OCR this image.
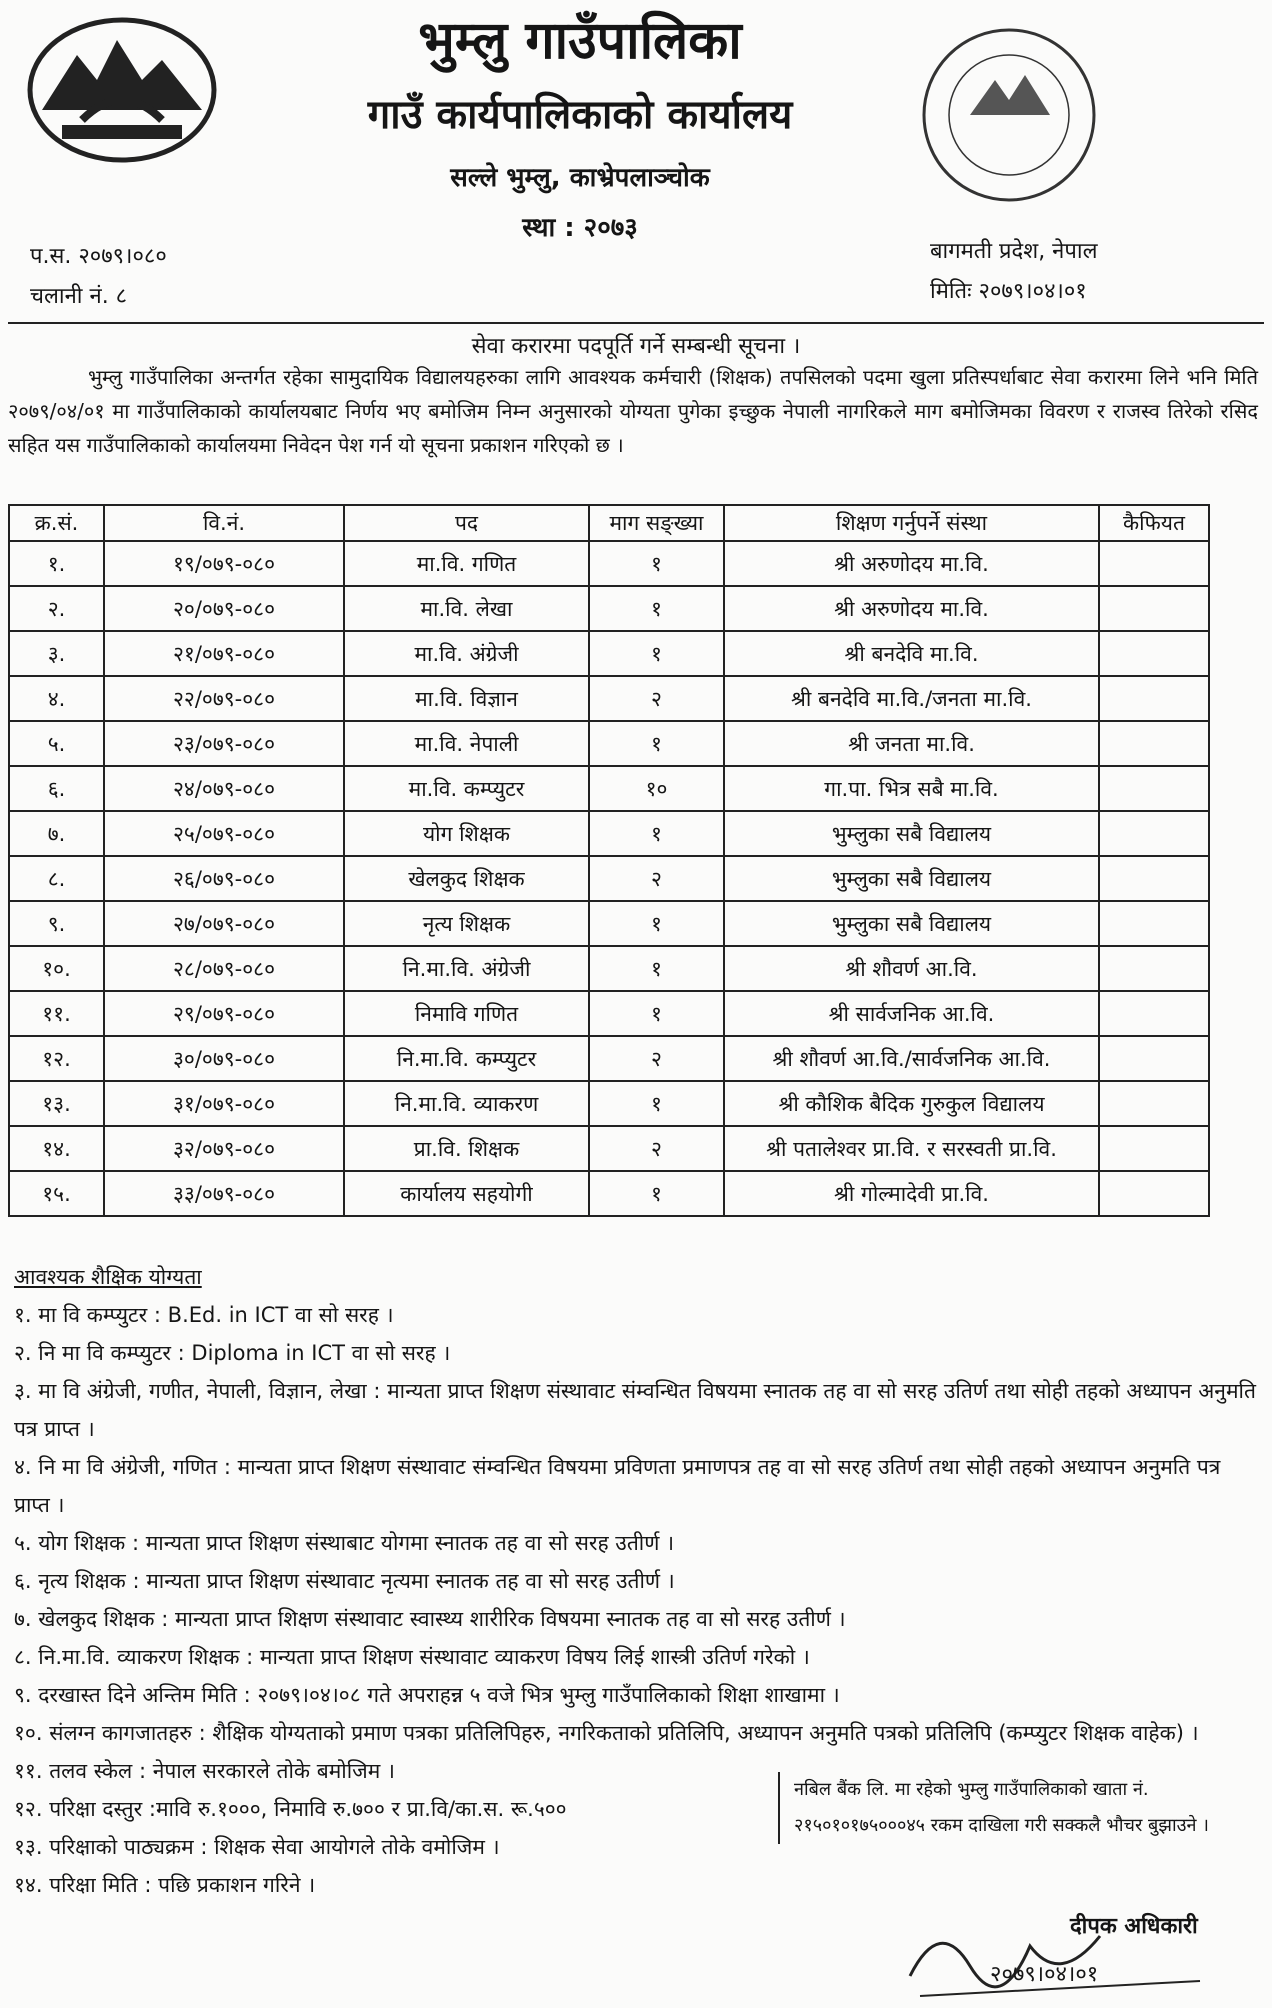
भुम्लु गाउँपालिका
गाउँ कार्यपालिकाको कार्यालय
सल्ले भुम्लु, काभ्रेपलाञ्चोक
स्था : २०७३
प.स. २०७९।०८०
चलानी नं. ८
बागमती प्रदेश, नेपाल
मितिः २०७९।०४।०१
सेवा करारमा पदपूर्ति गर्ने सम्बन्धी सूचना ।
भुम्लु गाउँपालिका अन्तर्गत रहेका सामुदायिक विद्यालयहरुका लागि आवश्यक कर्मचारी (शिक्षक) तपसिलको पदमा खुला प्रतिस्पर्धाबाट सेवा करारमा लिने भनि मिति २०७९/०४/०१ मा गाउँपालिकाको कार्यालयबाट निर्णय भए बमोजिम निम्न अनुसारको योग्यता पुगेका इच्छुक नेपाली नागरिकले माग बमोजिमका विवरण र राजस्व तिरेको रसिद सहित यस गाउँपालिकाको कार्यालयमा निवेदन पेश गर्न यो सूचना प्रकाशन गरिएको छ ।
क्र.सं.	वि.नं.	पद	माग सङ्ख्या	शिक्षण गर्नुपर्ने संस्था	कैफियत
१.	१९/०७९-०८०	मा.वि. गणित	१	श्री अरुणोदय मा.वि.	
२.	२०/०७९-०८०	मा.वि. लेखा	१	श्री अरुणोदय मा.वि.	
३.	२१/०७९-०८०	मा.वि. अंग्रेजी	१	श्री बनदेवि मा.वि.	
४.	२२/०७९-०८०	मा.वि. विज्ञान	२	श्री बनदेवि मा.वि./जनता मा.वि.	
५.	२३/०७९-०८०	मा.वि. नेपाली	१	श्री जनता मा.वि.	
६.	२४/०७९-०८०	मा.वि. कम्प्युटर	१०	गा.पा. भित्र सबै मा.वि.	
७.	२५/०७९-०८०	योग शिक्षक	१	भुम्लुका सबै विद्यालय	
८.	२६/०७९-०८०	खेलकुद शिक्षक	२	भुम्लुका सबै विद्यालय	
९.	२७/०७९-०८०	नृत्य शिक्षक	१	भुम्लुका सबै विद्यालय	
१०.	२८/०७९-०८०	नि.मा.वि. अंग्रेजी	१	श्री शौवर्ण आ.वि.	
११.	२९/०७९-०८०	निमावि गणित	१	श्री सार्वजनिक आ.वि.	
१२.	३०/०७९-०८०	नि.मा.वि. कम्प्युटर	२	श्री शौवर्ण आ.वि./सार्वजनिक आ.वि.	
१३.	३१/०७९-०८०	नि.मा.वि. व्याकरण	१	श्री कौशिक बैदिक गुरुकुल विद्यालय	
१४.	३२/०७९-०८०	प्रा.वि. शिक्षक	२	श्री पतालेश्वर प्रा.वि. र सरस्वती प्रा.वि.	
१५.	३३/०७९-०८०	कार्यालय सहयोगी	१	श्री गोल्मादेवी प्रा.वि.	
आवश्यक शैक्षिक योग्यता
१. मा वि कम्प्युटर : B.Ed. in ICT वा सो सरह ।
२. नि मा वि कम्प्युटर : Diploma in ICT वा सो सरह ।
३. मा वि अंग्रेजी, गणीत, नेपाली, विज्ञान, लेखा : मान्यता प्राप्त शिक्षण संस्थावाट संम्वन्धित विषयमा स्नातक तह वा सो सरह उतिर्ण तथा सोही तहको अध्यापन अनुमति पत्र प्राप्त ।
४. नि मा वि अंग्रेजी, गणित : मान्यता प्राप्त शिक्षण संस्थावाट संम्वन्धित विषयमा प्रविणता प्रमाणपत्र तह वा सो सरह उतिर्ण तथा सोही तहको अध्यापन अनुमति पत्र प्राप्त ।
५. योग शिक्षक : मान्यता प्राप्त शिक्षण संस्थाबाट योगमा स्नातक तह वा सो सरह उतीर्ण ।
६. नृत्य शिक्षक : मान्यता प्राप्त शिक्षण संस्थावाट नृत्यमा स्नातक तह वा सो सरह उतीर्ण ।
७. खेलकुद शिक्षक : मान्यता प्राप्त शिक्षण संस्थावाट स्वास्थ्य शारीरिक विषयमा स्नातक तह वा सो सरह उतीर्ण ।
८. नि.मा.वि. व्याकरण शिक्षक : मान्यता प्राप्त शिक्षण संस्थावाट व्याकरण विषय लिई शास्त्री उतिर्ण गरेको ।
९. दरखास्त दिने अन्तिम मिति : २०७९।०४।०८ गते अपराहन्न ५ वजे भित्र भुम्लु गाउँपालिकाको शिक्षा शाखामा ।
१०. संलग्न कागजातहरु : शैक्षिक योग्यताको प्रमाण पत्रका प्रतिलिपिहरु, नगरिकताको प्रतिलिपि, अध्यापन अनुमति पत्रको प्रतिलिपि (कम्प्युटर शिक्षक वाहेक) ।
११. तलव स्केल : नेपाल सरकारले तोके बमोजिम ।
१२. परिक्षा दस्तुर :मावि रु.१०००, निमावि रु.७०० र प्रा.वि/का.स. रू.५००
१३. परिक्षाको पाठ्यक्रम : शिक्षक सेवा आयोगले तोके वमोजिम ।
१४. परिक्षा मिति : पछि प्रकाशन गरिने ।
नबिल बैंक लि. मा रहेको भुम्लु गाउँपालिकाको खाता नं. २१५०१०१७५०००४५ रकम दाखिला गरी सक्कलै भौचर बुझाउने ।
दीपक अधिकारी
२०७९।०४।०१
